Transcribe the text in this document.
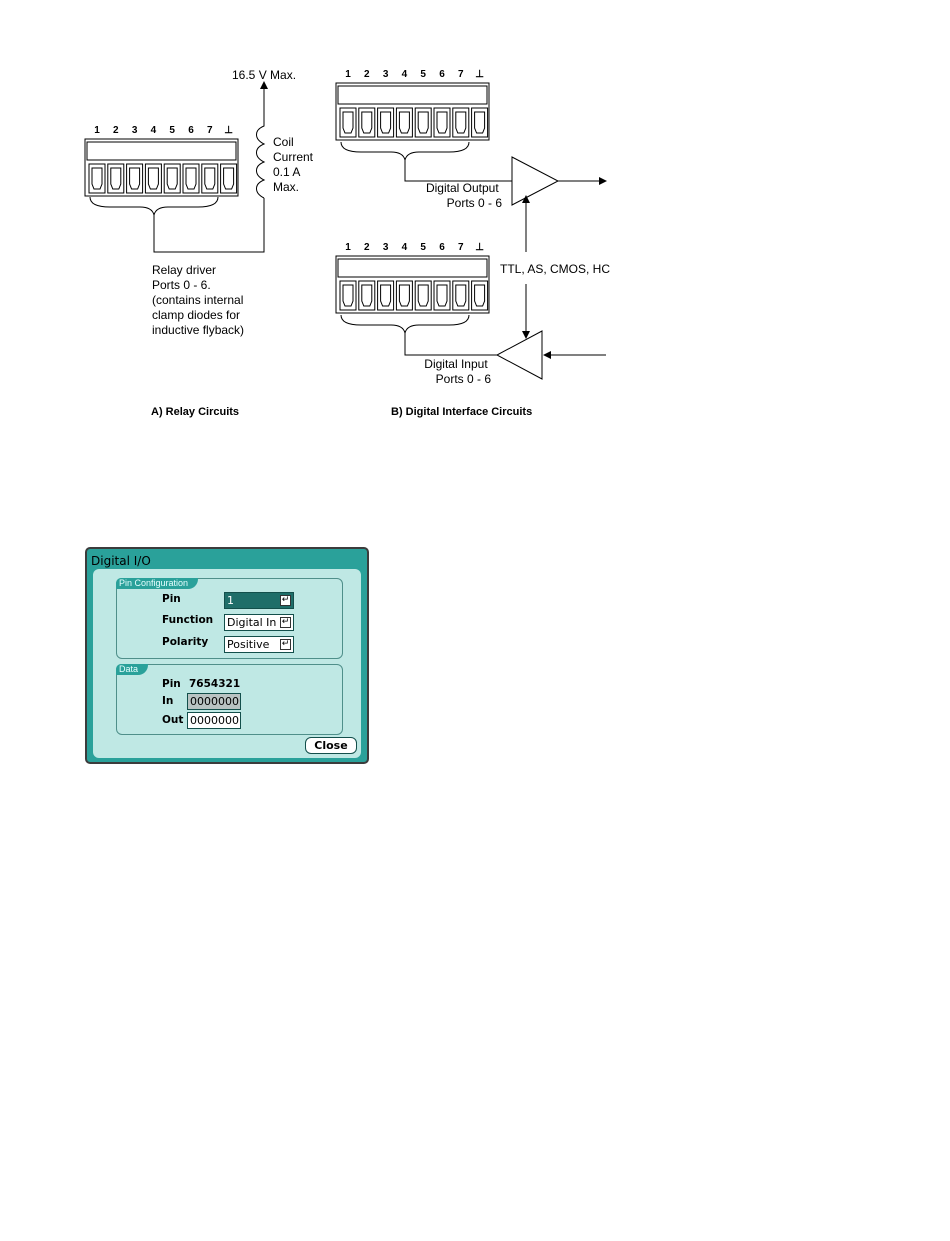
1 2 3 4 5 6 7 ⊥
16.5 V Max.
Coil Current 0.1 A Max.
Relay driver Ports 0 - 6. (contains internal clamp diodes for inductive flyback)
A) Relay Circuits
1 2 3 4 5 6 7 ⊥
Digital Output Ports 0 - 6
TTL, AS, CMOS, HC
1 2 3 4 5 6 7 ⊥
Digital Input Ports 0 - 6
B) Digital Interface Circuits
Digital I/O
Pin Configuration
Pin	1	↵
Function Digital In ↵
Polarity Positive ↵
Data
Pin 7654321
In 0000000
Out 0000000
Close
